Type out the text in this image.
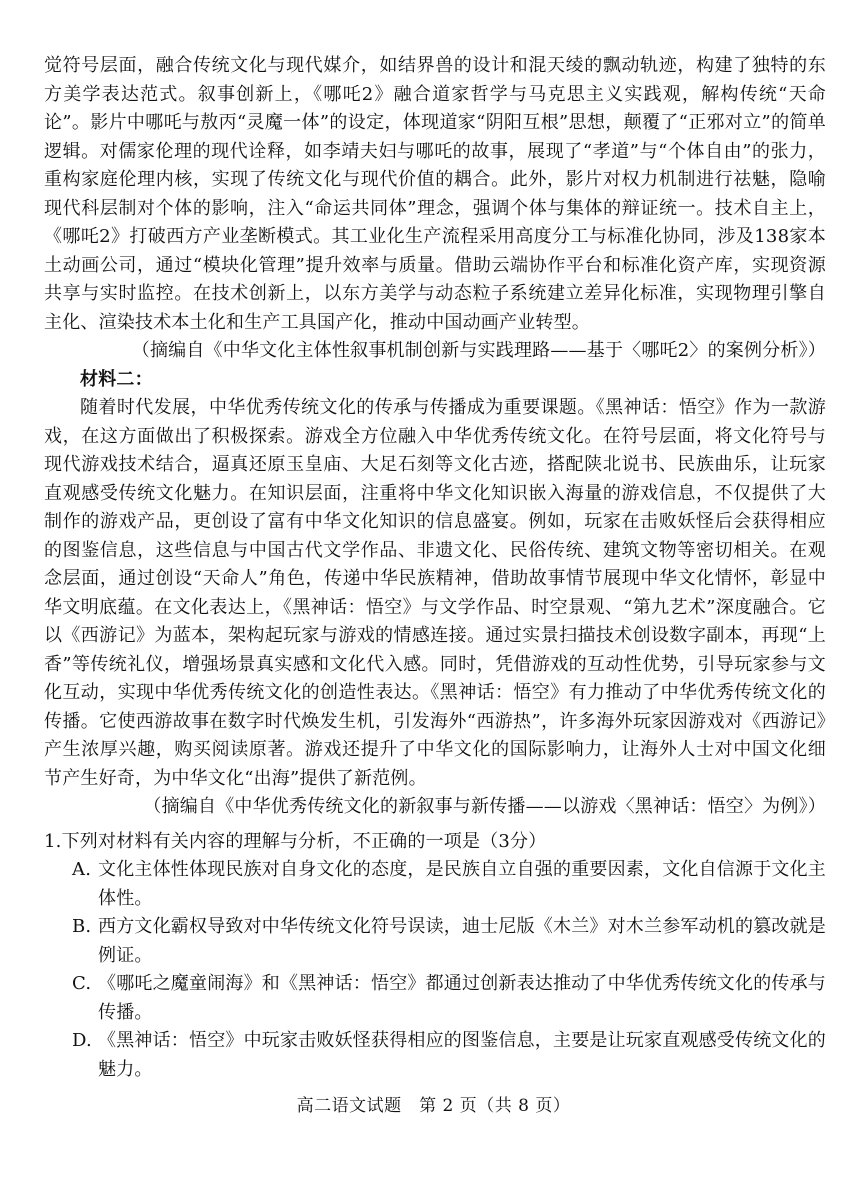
觉符号层面，融合传统文化与现代媒介，如结界兽的设计和混天绫的飘动轨迹，构建了独特的东方美学表达范式。叙事创新上，《哪吒2》融合道家哲学与马克思主义实践观，解构传统“天命论”。影片中哪吒与敖丙“灵魔一体”的设定，体现道家“阴阳互根”思想，颠覆了“正邪对立”的简单逻辑。对儒家伦理的现代诠释，如李靖夫妇与哪吒的故事，展现了“孝道”与“个体自由”的张力，重构家庭伦理内核，实现了传统文化与现代价值的耦合。此外，影片对权力机制进行祛魅，隐喻现代科层制对个体的影响，注入“命运共同体”理念，强调个体与集体的辩证统一。技术自主上，《哪吒2》打破西方产业垄断模式。其工业化生产流程采用高度分工与标准化协同，涉及138家本土动画公司，通过“模块化管理”提升效率与质量。借助云端协作平台和标准化资产库，实现资源共享与实时监控。在技术创新上，以东方美学与动态粒子系统建立差异化标准，实现物理引擎自主化、渲染技术本土化和生产工具国产化，推动中国动画产业转型。

（摘编自《中华文化主体性叙事机制创新与实践理路——基于〈哪吒2〉的案例分析》）

材料二：

随着时代发展，中华优秀传统文化的传承与传播成为重要课题。《黑神话：悟空》作为一款游戏，在这方面做出了积极探索。游戏全方位融入中华优秀传统文化。在符号层面，将文化符号与现代游戏技术结合，逼真还原玉皇庙、大足石刻等文化古迹，搭配陕北说书、民族曲乐，让玩家直观感受传统文化魅力。在知识层面，注重将中华文化知识嵌入海量的游戏信息，不仅提供了大制作的游戏产品，更创设了富有中华文化知识的信息盛宴。例如，玩家在击败妖怪后会获得相应的图鉴信息，这些信息与中国古代文学作品、非遗文化、民俗传统、建筑文物等密切相关。在观念层面，通过创设“天命人”角色，传递中华民族精神，借助故事情节展现中华文化情怀，彰显中华文明底蕴。在文化表达上，《黑神话：悟空》与文学作品、时空景观、“第九艺术”深度融合。它以《西游记》为蓝本，架构起玩家与游戏的情感连接。通过实景扫描技术创设数字副本，再现“上香”等传统礼仪，增强场景真实感和文化代入感。同时，凭借游戏的互动性优势，引导玩家参与文化互动，实现中华优秀传统文化的创造性表达。《黑神话：悟空》有力推动了中华优秀传统文化的传播。它使西游故事在数字时代焕发生机，引发海外“西游热”，许多海外玩家因游戏对《西游记》产生浓厚兴趣，购买阅读原著。游戏还提升了中华文化的国际影响力，让海外人士对中国文化细节产生好奇，为中华文化“出海”提供了新范例。

（摘编自《中华优秀传统文化的新叙事与新传播——以游戏〈黑神话：悟空〉为例》）

1.下列对材料有关内容的理解与分析，不正确的一项是（3分）

A. 文化主体性体现民族对自身文化的态度，是民族自立自强的重要因素，文化自信源于文化主体性。
B. 西方文化霸权导致对中华传统文化符号误读，迪士尼版《木兰》对木兰参军动机的篡改就是例证。
C. 《哪吒之魔童闹海》和《黑神话：悟空》都通过创新表达推动了中华优秀传统文化的传承与传播。
D. 《黑神话：悟空》中玩家击败妖怪获得相应的图鉴信息，主要是让玩家直观感受传统文化的魅力。
高二语文试题　第 2 页（共 8 页）
